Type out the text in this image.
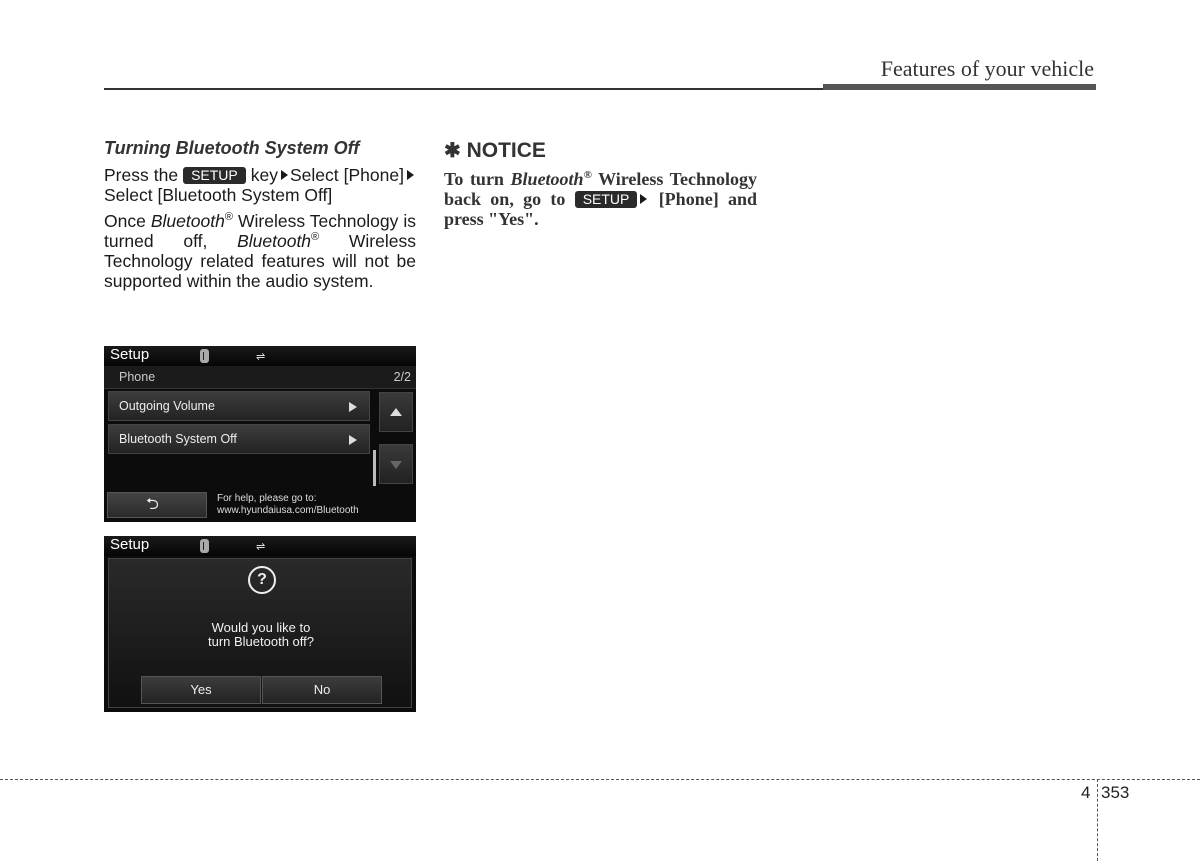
Features of your vehicle

Turning Bluetooth System Off

Press the SETUP key Select [Phone]Select [Bluetooth System Off]

Once Bluetooth® Wireless Technology is turned off, Bluetooth® Wireless Technology related features will not be supported within the audio system.

Setup	⇌
Phone	2/2
Outgoing Volume
Bluetooth System Off
⮌	For help, please go to:
www.hyundaiusa.com/Bluetooth
Setup	⇌
?
Would you like to
turn Bluetooth off?
Yes	No

✱ NOTICE

To turn Bluetooth® Wireless Technology back on, go to SETUP [Phone] and press "Yes".

4 353
